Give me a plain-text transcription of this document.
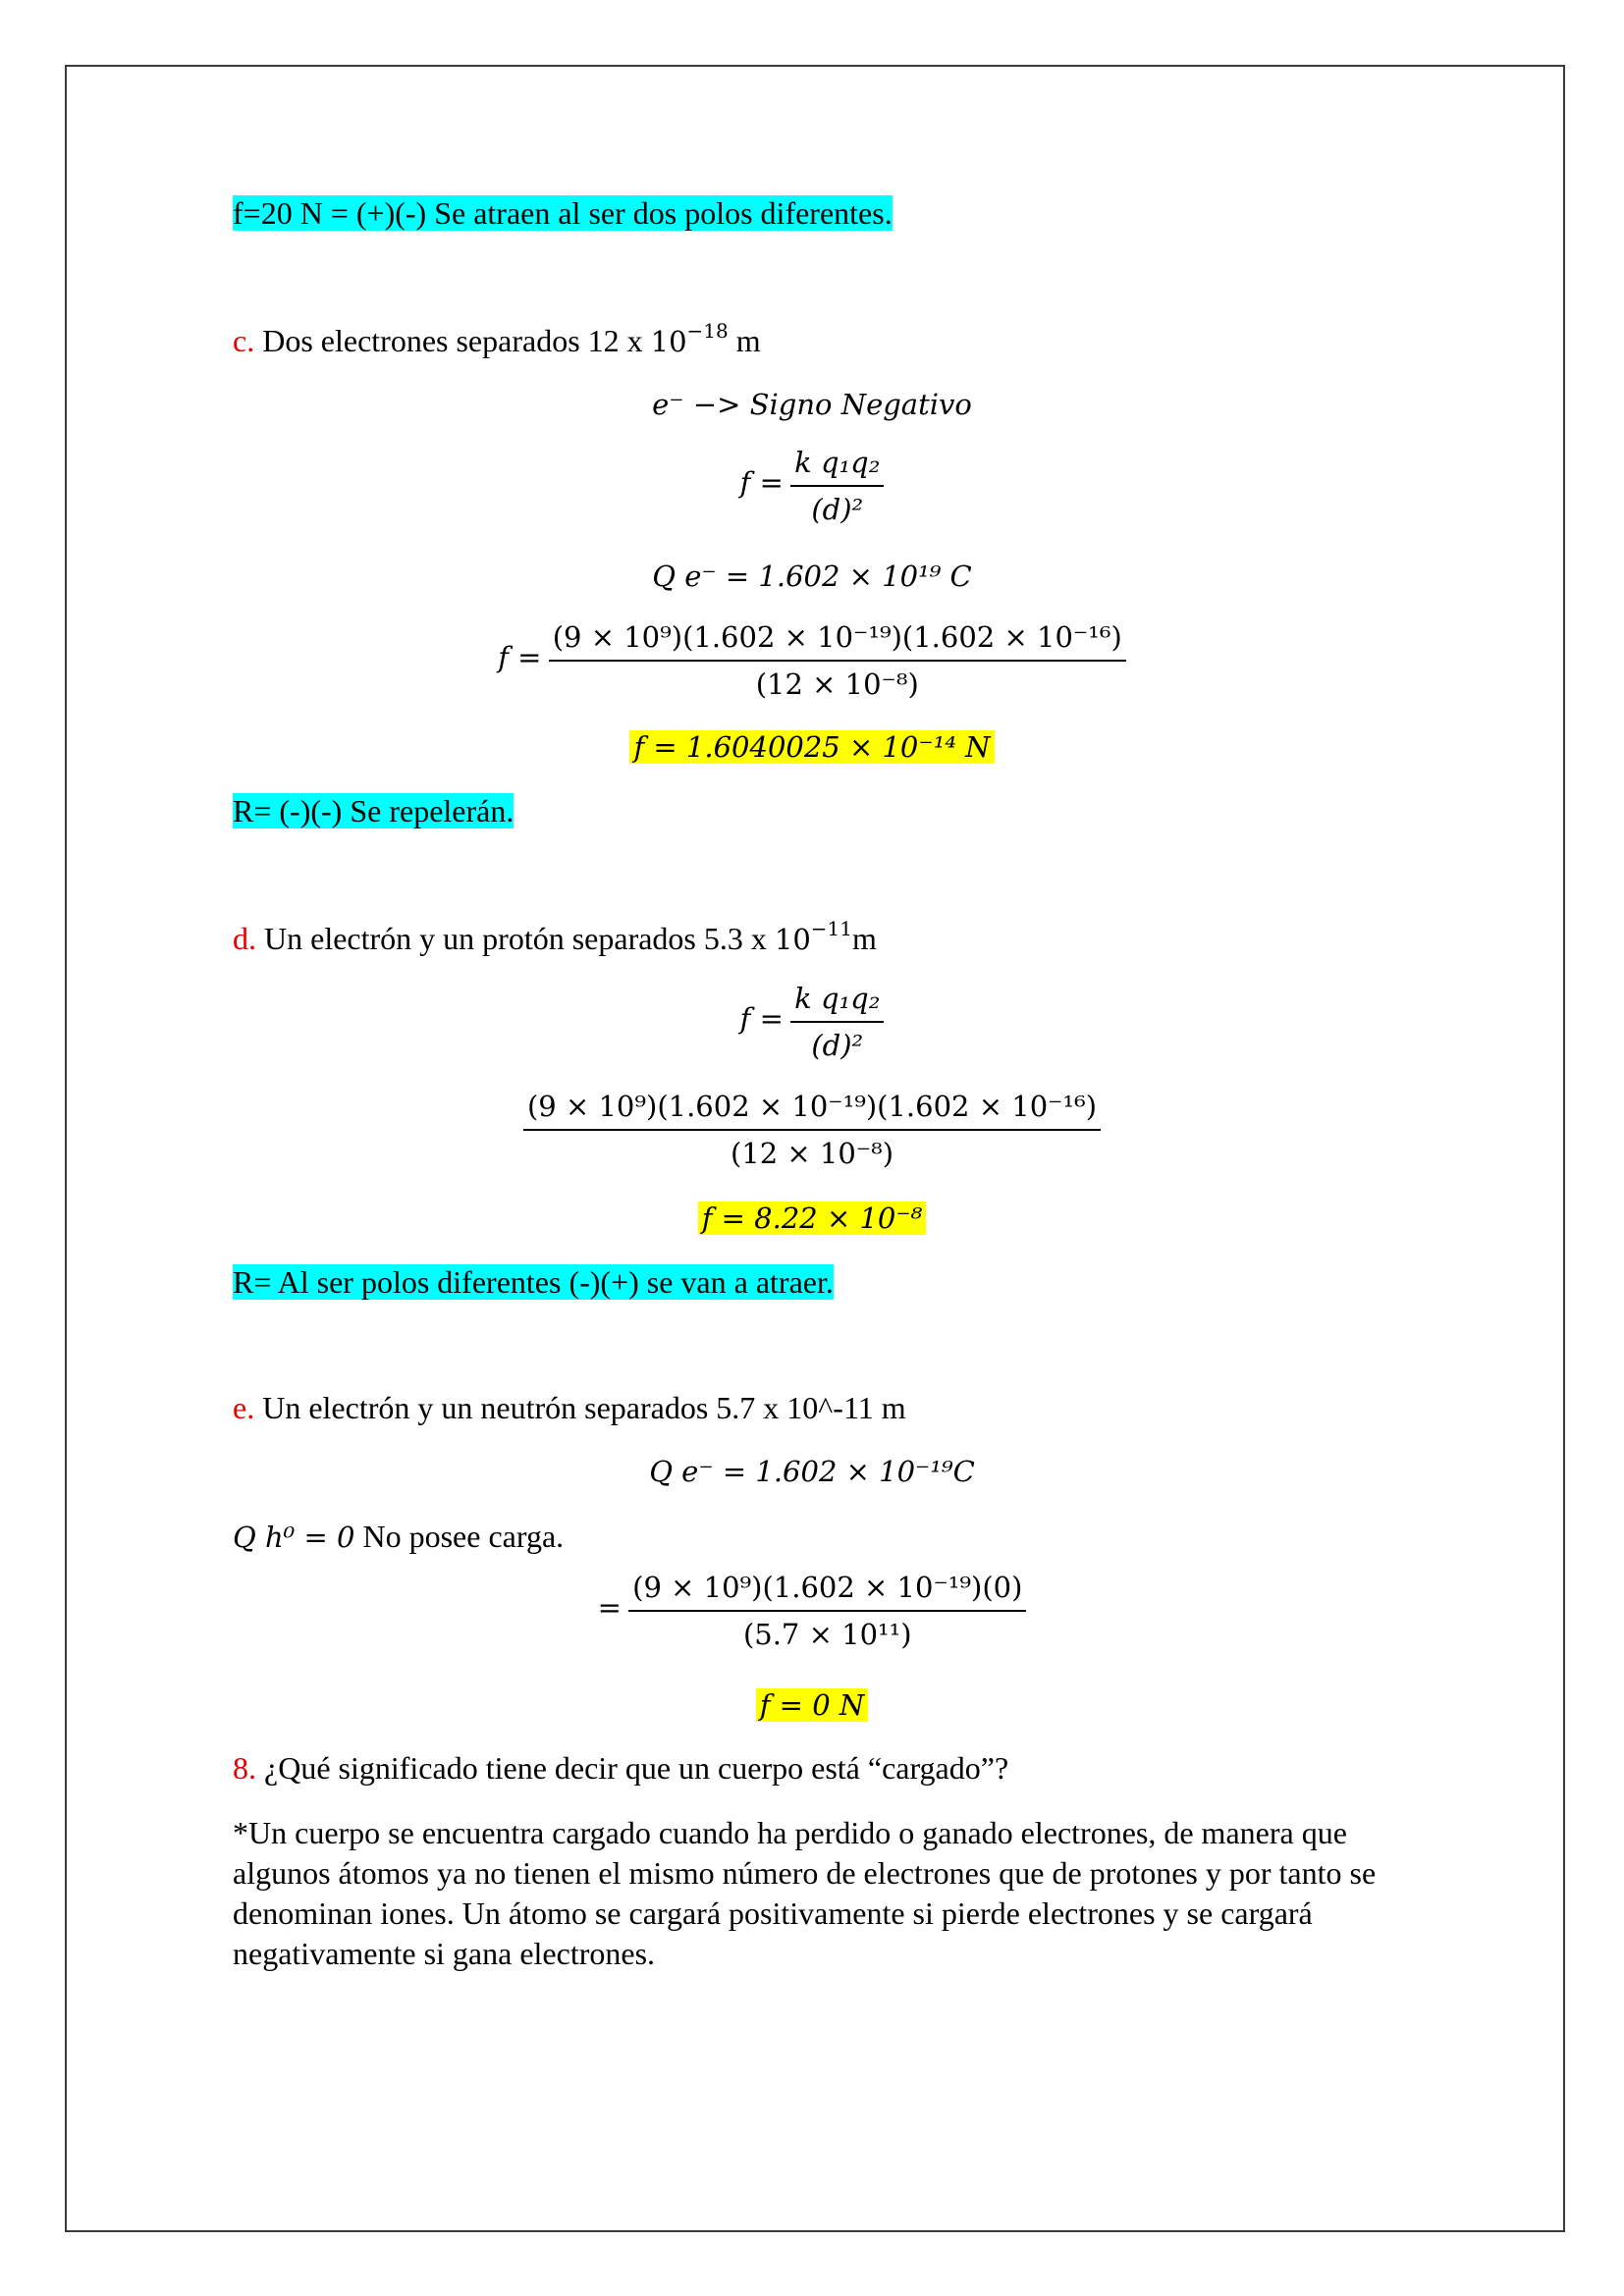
f=20 N = (+)(-) Se atraen al ser dos polos diferentes.
c. Dos electrones separados 12 x $10^{-18}$ m
e⁻ −> Signo Negativo
$f = \frac{\text{k q₁q₂}}{\text{(d)²}}$
Q e⁻ = 1.602 × 10¹⁹ C
$f = \frac{\text{(9 × 10⁹)(1.602 × 10⁻¹⁹)(1.602 × 10⁻¹⁶)}}{\text{(12 × 10⁻⁸)}}$
f = 1.6040025 × 10⁻¹⁴ N
R= (-)(-) Se repelerán.
d. Un electrón y un protón separados 5.3 x $10^{-11}m$
$f = \frac{\text{k q₁q₂}}{\text{(d)²}}$
$\frac{\text{(9 × 10⁹)(1.602 × 10⁻¹⁹)(1.602 × 10⁻¹⁶)}}{\text{(12 × 10⁻⁸)}}$
f = 8.22 × 10⁻⁸
R= Al ser polos diferentes (-)(+) se van a atraer.
e. Un electrón y un neutrón separados 5.7 x 10^-11 m
Q e⁻ = 1.602 × 10⁻¹⁹C
Q h⁰ = 0 No posee carga.
= $\frac{\text{(9 × 10⁹)(1.602 × 10⁻¹⁹)(0)}}{\text{(5.7 × 10¹¹)}}$
f = 0 N
8. ¿Qué significado tiene decir que un cuerpo está “cargado”?
*Un cuerpo se encuentra cargado cuando ha perdido o ganado electrones, de manera que algunos átomos ya no tienen el mismo número de electrones que de protones y por tanto se denominan iones. Un átomo se cargará positivamente si pierde electrones y se cargará negativamente si gana electrones.
